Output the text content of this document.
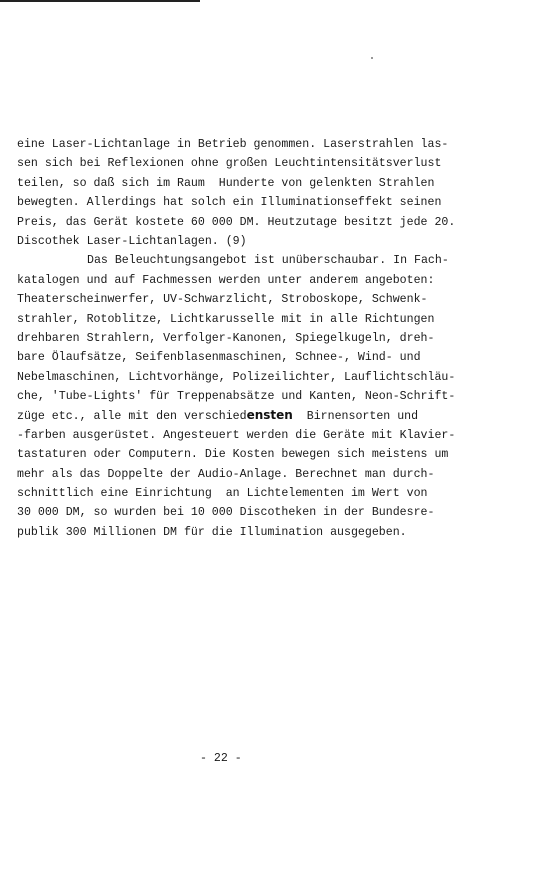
eine Laser-Lichtanlage in Betrieb genommen. Laserstrahlen las-
sen sich bei Reflexionen ohne großen Leuchtintensitätsverlust
teilen, so daß sich im Raum  Hunderte von gelenkten Strahlen
bewegten. Allerdings hat solch ein Illuminationseffekt seinen
Preis, das Gerät kostete 60 000 DM. Heutzutage besitzt jede 20.
Discothek Laser-Lichtanlagen. (9)
Das Beleuchtungsangebot ist unüberschaubar. In Fach-
katalogen und auf Fachmessen werden unter anderem angeboten:
Theaterscheinwerfer, UV-Schwarzlicht, Stroboskope, Schwenk-
strahler, Rotoblitze, Lichtkarusselle mit in alle Richtungen
drehbaren Strahlern, Verfolger-Kanonen, Spiegelkugeln, dreh-
bare Ölaufsätze, Seifenblasenmaschinen, Schnee-, Wind- und
Nebelmaschinen, Lichtvorhänge, Polizeilichter, Lauflichtschläu-
che, 'Tube-Lights' für Treppenabsätze und Kanten, Neon-Schrift-
züge etc., alle mit den verschiedensten  Birnensorten und
-farben ausgerüstet. Angesteuert werden die Geräte mit Klavier-
tastaturen oder Computern. Die Kosten bewegen sich meistens um
mehr als das Doppelte der Audio-Anlage. Berechnet man durch-
schnittlich eine Einrichtung  an Lichtelementen im Wert von
30 000 DM, so wurden bei 10 000 Discotheken in der Bundesre-
publik 300 Millionen DM für die Illumination ausgegeben.
- 22 -
